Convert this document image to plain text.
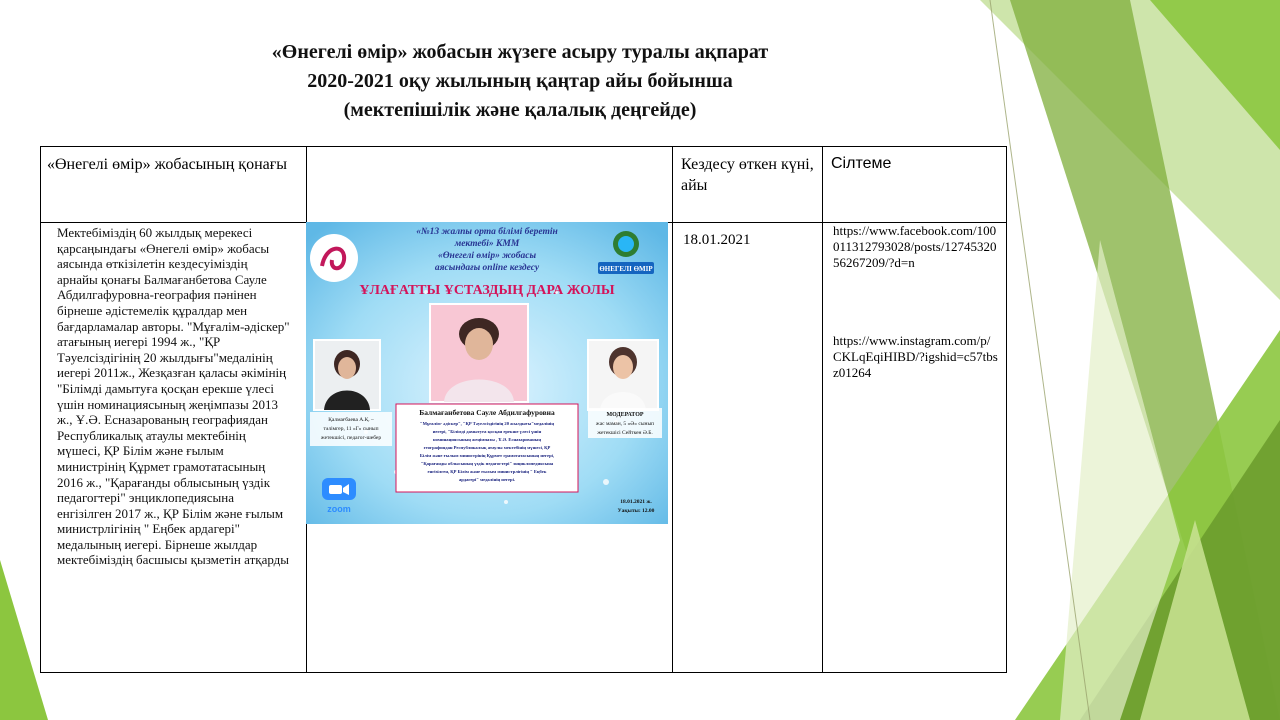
«Өнегелі өмір» жобасын жүзеге асыру туралы ақпарат
2020-2021 оқу жылының қаңтар айы бойынша
(мектепішілік және қалалық деңгейде)
«Өнегелі өмір» жобасының қонағы		Кездесу өткен күні, айы	Сілтеме
Мектебіміздің 60 жылдық мерекесі қарсаңындағы «Өнегелі өмір» жобасы аясында өткізілетін кездесуіміздің арнайы қонағы Балмағанбетова Сауле Абдилгафуровна-география пәнінен бірнеше әдістемелік құралдар мен бағдарламалар авторы. "Мұғалім-әдіскер" атағының иегері 1994 ж., "ҚР Тәуелсіздігінің 20 жылдығы"медалінің иегері 2011ж., Жезқазған қаласы әкімінің "Білімді дамытуға қосқан ерекше үлесі үшін номинациясының жеңімпазы 2013 ж., Ұ.Ә. Есназарованың географиядан Республикалық атаулы мектебінің мүшесі, ҚР Білім және ғылым министрінің Құрмет грамотатасының 2016 ж., "Қарағанды облысының үздік педагогтері" энциклопедиясына енгізілген 2017 ж., ҚР Білім және ғылым министрлігінің " Еңбек ардагері" медалының иегері. Бірнеше жылдар мектебіміздің басшысы қызметін атқарды		18.01.2021	https://www.facebook.com/100011312793028/posts/1274532056267209/?d=n
https://www.instagram.com/p/CKLqEqiHIBD/?igshid=c57tbsz01264
ӨНЕГЕЛІ ӨМІР
«№13 жалпы орта білімі беретін
мектебі» КММ
«Өнегелі өмір» жобасы
аясындағы online кездесу
ҰЛАҒАТТЫ ҰСТАЗДЫҢ ДАРА ЖОЛЫ
Қалмағбаева А.Қ. –
тәлімгер, 11 «Г» сынып
жетекшісі, педагог-шебер
МОДЕРАТОР
жас маман, 5 «Ә» сынып
жетекшісі Сейткен Ә.Б.
Балмағанбетова Сауле Абдилгафуровна
"Мұғалім- әдіскер", "ҚР Тәуелсіздігінің 20 жылдығы"медалінің
иегері, "Білімді дамытуға қосқан ерекше үлесі үшін
номинациясының жеңімпазы , Ұ.Ә. Есназарованың
географиядан Республикалық атаулы мектебінің мүшесі, ҚР
Білім және ғылым министрінің Құрмет грамотатасының иегері,
"Қарағанды облысының үздік педагогтері" энциклопедиясына
енгізілген, ҚР Білім және ғылым министрлігінің " Еңбек
ардагері" медалінің иегері.
zoom
18.01.2021 ж.
Уақыты: 12.00
